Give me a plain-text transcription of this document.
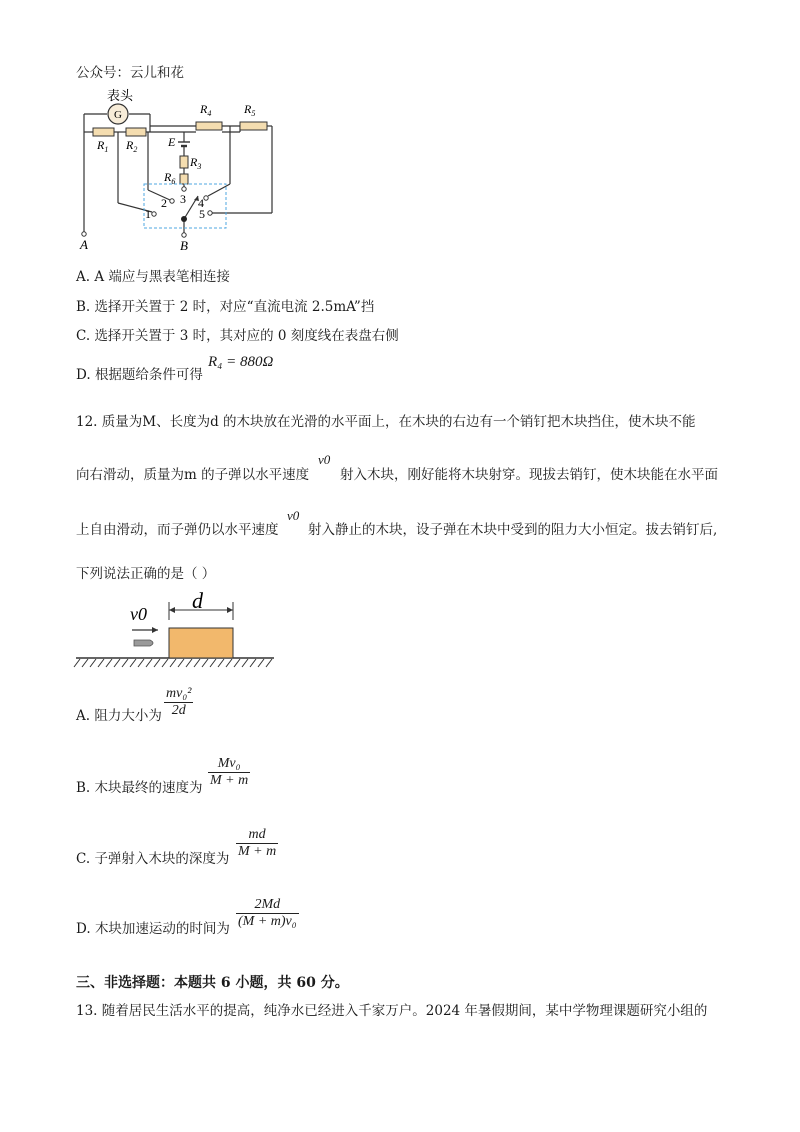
公众号：云儿和花
G
表头
$R_1$ $R_2$
$R_4$	$R_5$
$R_3$
$R_6$
E
1
2 3 4
5
A	B
A. A 端应与黑表笔相连接
B. 选择开关置于 2 时，对应“直流电流 2.5mA”挡
C. 选择开关置于 3 时，其对应的 0 刻度线在表盘右侧
D. 根据题给条件可得
R₄ = 880Ω
12. 质量为M、长度为d 的木块放在光滑的水平面上，在木块的右边有一个销钉把木块挡住，使木块不能
向右滑动，质量为m 的子弹以水平速度
v0
射入木块，刚好能将木块射穿。现拔去销钉，使木块能在水平面
上自由滑动，而子弹仍以水平速度
v0
射入静止的木块，设子弹在木块中受到的阻力大小恒定。拔去销钉后,
下列说法正确的是（ ）
v0
d
A. 阻力大小为
mv₀²
2d
B. 木块最终的速度为
Mv₀
M + m
C. 子弹射入木块的深度为
md
M + m
D. 木块加速运动的时间为
2Md
(M + m)v₀
三、非选择题：本题共 6 小题，共 60 分。
13. 随着居民生活水平的提高，纯净水已经进入千家万户。2024 年暑假期间，某中学物理课题研究小组的
